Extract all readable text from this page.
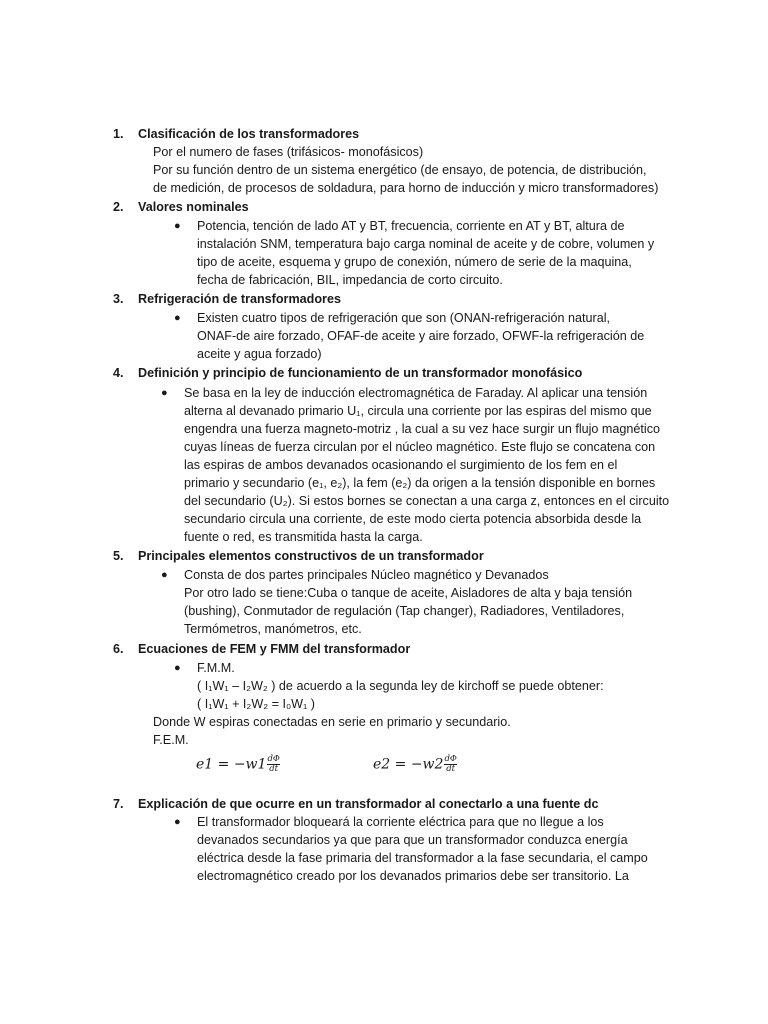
1. Clasificación de los transformadores
Por el numero de fases (trifásicos- monofásicos)
Por su función dentro de un sistema energético (de ensayo, de potencia, de distribución,
de medición, de procesos de soldadura, para horno de inducción y micro transformadores)
2. Valores nominales
● Potencia, tención de lado AT y BT, frecuencia, corriente en AT y BT, altura de
instalación SNM, temperatura bajo carga nominal de aceite y de cobre, volumen y
tipo de aceite, esquema y grupo de conexión, número de serie de la maquina,
fecha de fabricación, BIL, impedancia de corto circuito.
3. Refrigeración de transformadores
● Existen cuatro tipos de refrigeración que son (ONAN-refrigeración natural,
ONAF-de aire forzado, OFAF-de aceite y aire forzado, OFWF-la refrigeración de
aceite y agua forzado)
4. Definición y principio de funcionamiento de un transformador monofásico
● Se basa en la ley de inducción electromagnética de Faraday. Al aplicar una tensión
alterna al devanado primario U₁, circula una corriente por las espiras del mismo que
engendra una fuerza magneto-motriz , la cual a su vez hace surgir un flujo magnético
cuyas líneas de fuerza circulan por el núcleo magnético. Este flujo se concatena con
las espiras de ambos devanados ocasionando el surgimiento de los fem en el
primario y secundario (e₁, e₂), la fem (e₂) da origen a la tensión disponible en bornes
del secundario (U₂). Si estos bornes se conectan a una carga z, entonces en el circuito
secundario circula una corriente, de este modo cierta potencia absorbida desde la
fuente o red, es transmitida hasta la carga.
5. Principales elementos constructivos de un transformador
● Consta de dos partes principales Núcleo magnético y Devanados
Por otro lado se tiene:Cuba o tanque de aceite, Aisladores de alta y baja tensión
(bushing), Conmutador de regulación (Tap changer), Radiadores, Ventiladores,
Termómetros, manómetros, etc.
6. Ecuaciones de FEM y FMM del transformador
● F.M.M.
( I₁W₁ – I₂W₂ ) de acuerdo a la segunda ley de kirchoff se puede obtener:
( I₁W₁ + I₂W₂ = I₀W₁ )
Donde W espiras conectadas en serie en primario y secundario.
F.E.M.
$e1 = -w1\frac{d\Phi}{dt}$	$e2 = -w2\frac{d\Phi}{dt}$
7. Explicación de que ocurre en un transformador al conectarlo a una fuente dc
● El transformador bloqueará la corriente eléctrica para que no llegue a los
devanados secundarios ya que para que un transformador conduzca energía
eléctrica desde la fase primaria del transformador a la fase secundaria, el campo
electromagnético creado por los devanados primarios debe ser transitorio. La
